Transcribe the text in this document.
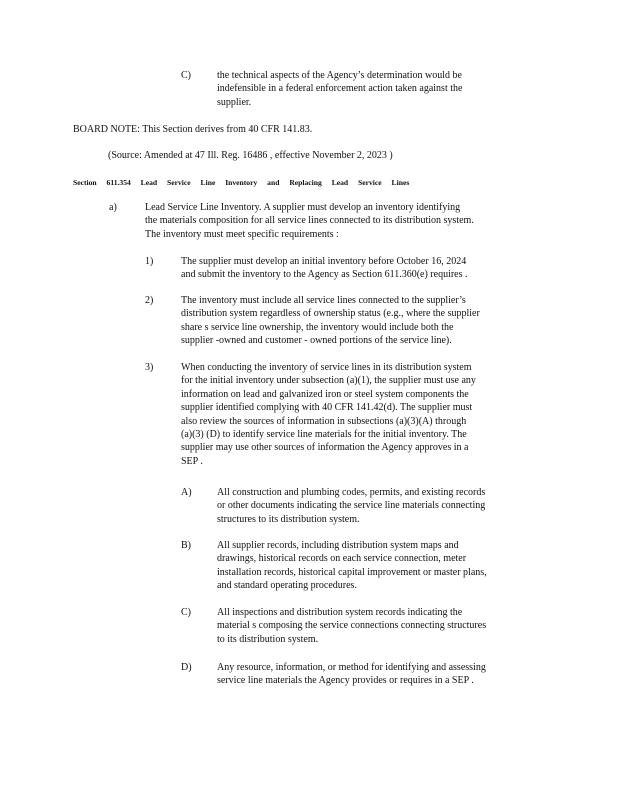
C)	the technical aspects of the Agency’s determination would be

indefensible in a federal enforcement action taken against the

supplier.

BOARD NOTE: This Section derives from 40 CFR 141.83.
(Source: Amended at 47 Ill. Reg. 16486 , effective November 2, 2023 )
Section 611.354 Lead Service Line Inventory and Replacing Lead Service Lines
a)	Lead Service Line Inventory. A supplier must develop an inventory identifying

the materials composition for all service lines connected to its distribution system.

The inventory must meet specific requirements :

1)	The supplier must develop an initial inventory before October 16, 2024

and submit the inventory to the Agency as Section 611.360(e) requires .

2)	The inventory must include all service lines connected to the supplier’s

distribution system regardless of ownership status (e.g., where the supplier

share s service line ownership, the inventory would include both the

supplier -owned and customer - owned portions of the service line).

3)	When conducting the inventory of service lines in its distribution system

for the initial inventory under subsection (a)(1), the supplier must use any

information on lead and galvanized iron or steel system components the

supplier identified complying with 40 CFR 141.42(d). The supplier must

also review the sources of information in subsections (a)(3)(A) through

(a)(3) (D) to identify service line materials for the initial inventory. The

supplier may use other sources of information the Agency approves in a

SEP .

A)	All construction and plumbing codes, permits, and existing records

or other documents indicating the service line materials connecting

structures to its distribution system.

B)	All supplier records, including distribution system maps and

drawings, historical records on each service connection, meter

installation records, historical capital improvement or master plans,

and standard operating procedures.

C)	All inspections and distribution system records indicating the

material s composing the service connections connecting structures

to its distribution system.

D)	Any resource, information, or method for identifying and assessing

service line materials the Agency provides or requires in a SEP .
